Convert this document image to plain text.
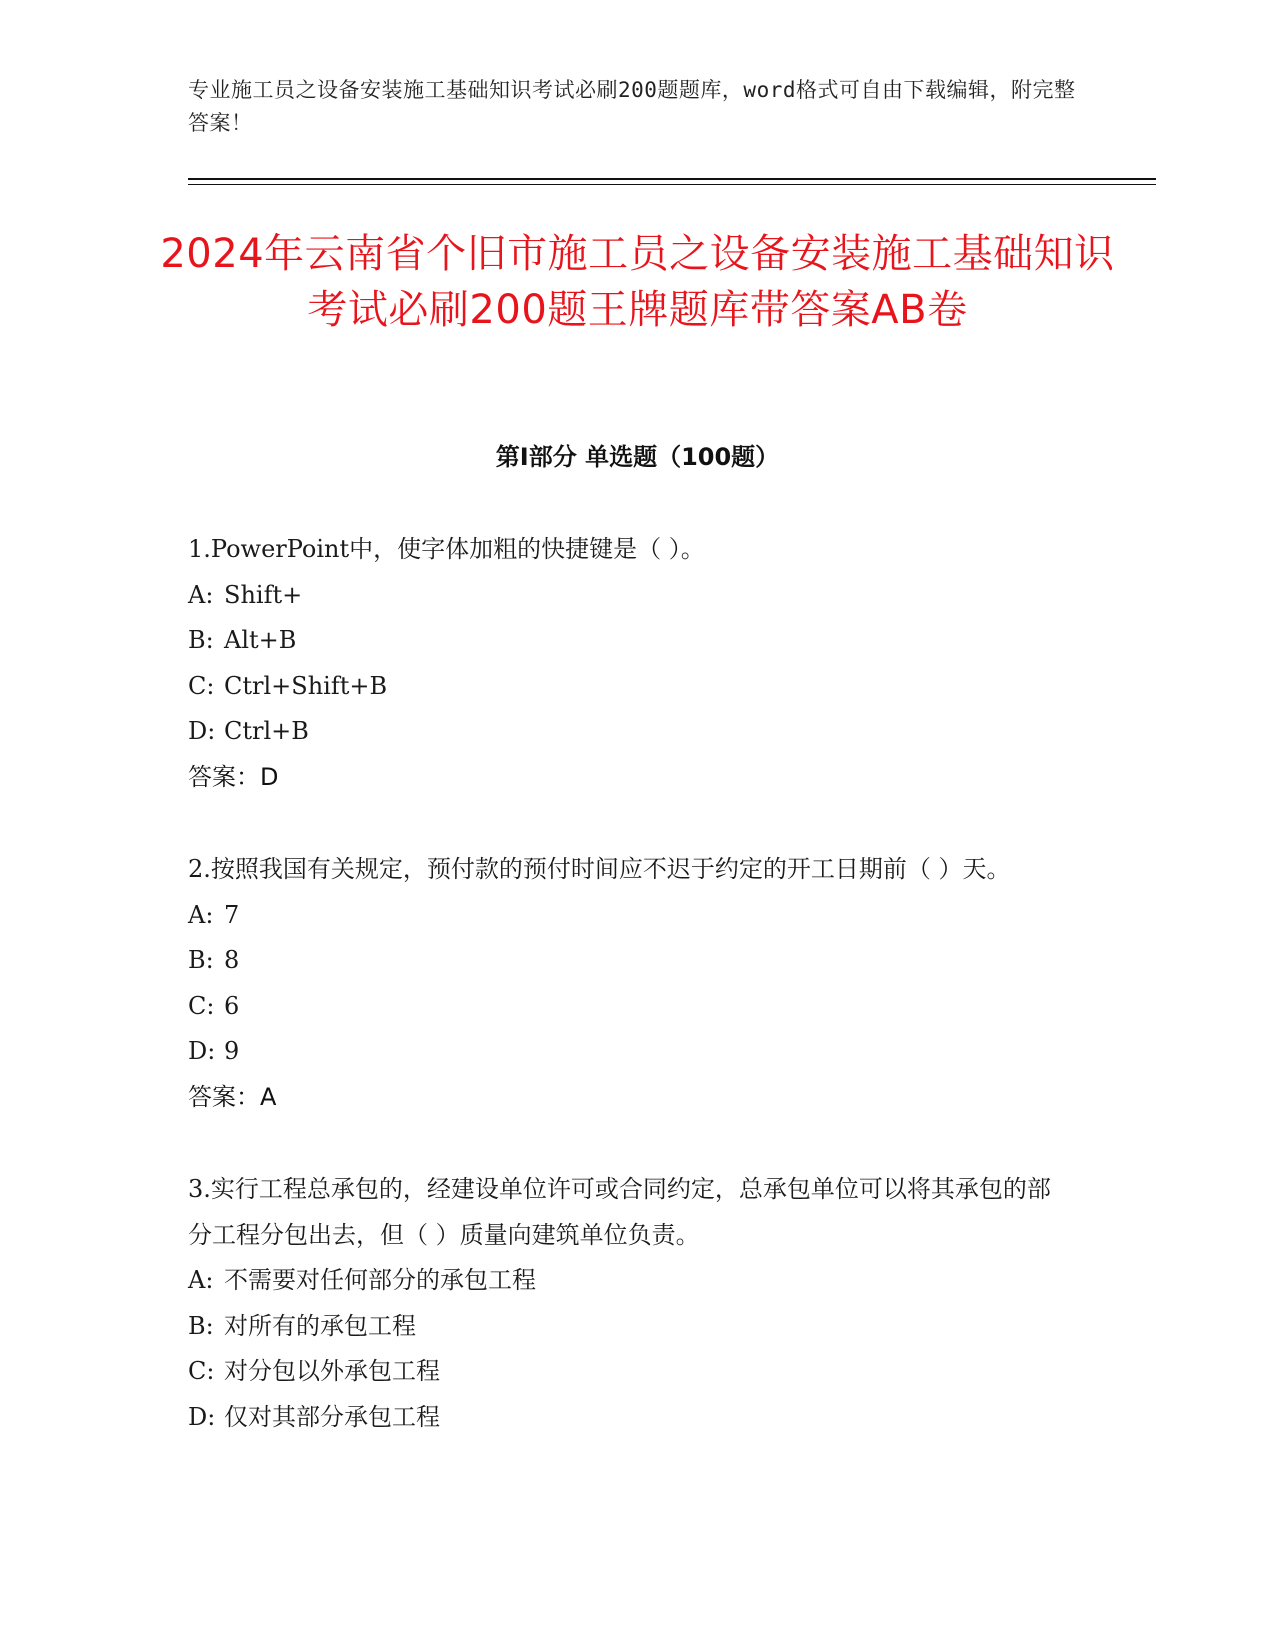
专业施工员之设备安装施工基础知识考试必刷200题题库，word格式可自由下载编辑，附完整答案！
2024年云南省个旧市施工员之设备安装施工基础知识考试必刷200题王牌题库带答案AB卷
第Ⅰ部分 单选题（100题）
1.PowerPoint中，使字体加粗的快捷键是（ ）。
A: Shift+
B: Alt+B
C: Ctrl+Shift+B
D: Ctrl+B
答案：D
2.按照我国有关规定，预付款的预付时间应不迟于约定的开工日期前（ ）天。
A: 7
B: 8
C: 6
D: 9
答案：A
3.实行工程总承包的，经建设单位许可或合同约定，总承包单位可以将其承包的部分工程分包出去，但（ ）质量向建筑单位负责。
A: 不需要对任何部分的承包工程
B: 对所有的承包工程
C: 对分包以外承包工程
D: 仅对其部分承包工程
